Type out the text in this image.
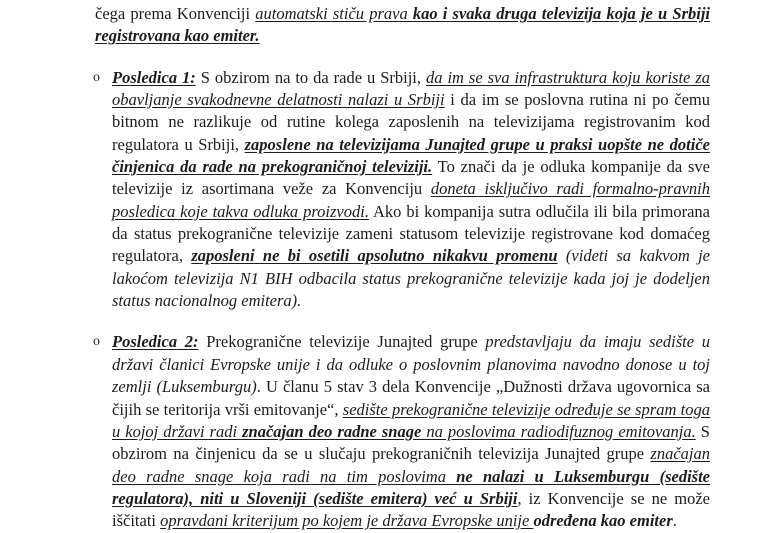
čega prema Konvenciji automatski stiču prava kao i svaka druga televizija koja je u Srbiji registrovana kao emiter.
o Posledica 1: S obzirom na to da rade u Srbiji, da im se sva infrastruktura koju koriste za obavljanje svakodnevne delatnosti nalazi u Srbiji i da im se poslovna rutina ni po čemu bitnom ne razlikuje od rutine kolega zaposlenih na televizijama registrovanim kod regulatora u Srbiji, zaposlene na televizijama Junajted grupe u praksi uopšte ne dotiče činjenica da rade na prekograničnoj televiziji. To znači da je odluka kompanije da sve televizije iz asortimana veže za Konvenciju doneta isključivo radi formalno-pravnih posledica koje takva odluka proizvodi. Ako bi kompanija sutra odlučila ili bila primorana da status prekogranične televizije zameni statusom televizije registrovane kod domaćeg regulatora, zaposleni ne bi osetili apsolutno nikakvu promenu (videti sa kakvom je lakoćom televizija N1 BIH odbacila status prekogranične televizije kada joj je dodeljen status nacionalnog emitera).
o Posledica 2: Prekogranične televizije Junajted grupe predstavljaju da imaju sedište u državi članici Evropske unije i da odluke o poslovnim planovima navodno donose u toj zemlji (Luksemburgu). U članu 5 stav 3 dela Konvencije „Dužnosti država ugovornica sa čijih se teritorija vrši emitovanje“, sedište prekogranične televizije određuje se spram toga u kojoj državi radi značajan deo radne snage na poslovima radiodifuznog emitovanja. S obzirom na činjenicu da se u slučaju prekograničnih televizija Junajted grupe značajan deo radne snage koja radi na tim poslovima ne nalazi u Luksemburgu (sedište regulatora), niti u Sloveniji (sedište emitera) već u Srbiji, iz Konvencije se ne može iščitati opravdani kriterijum po kojem je država Evropske unije određena kao emiter.
